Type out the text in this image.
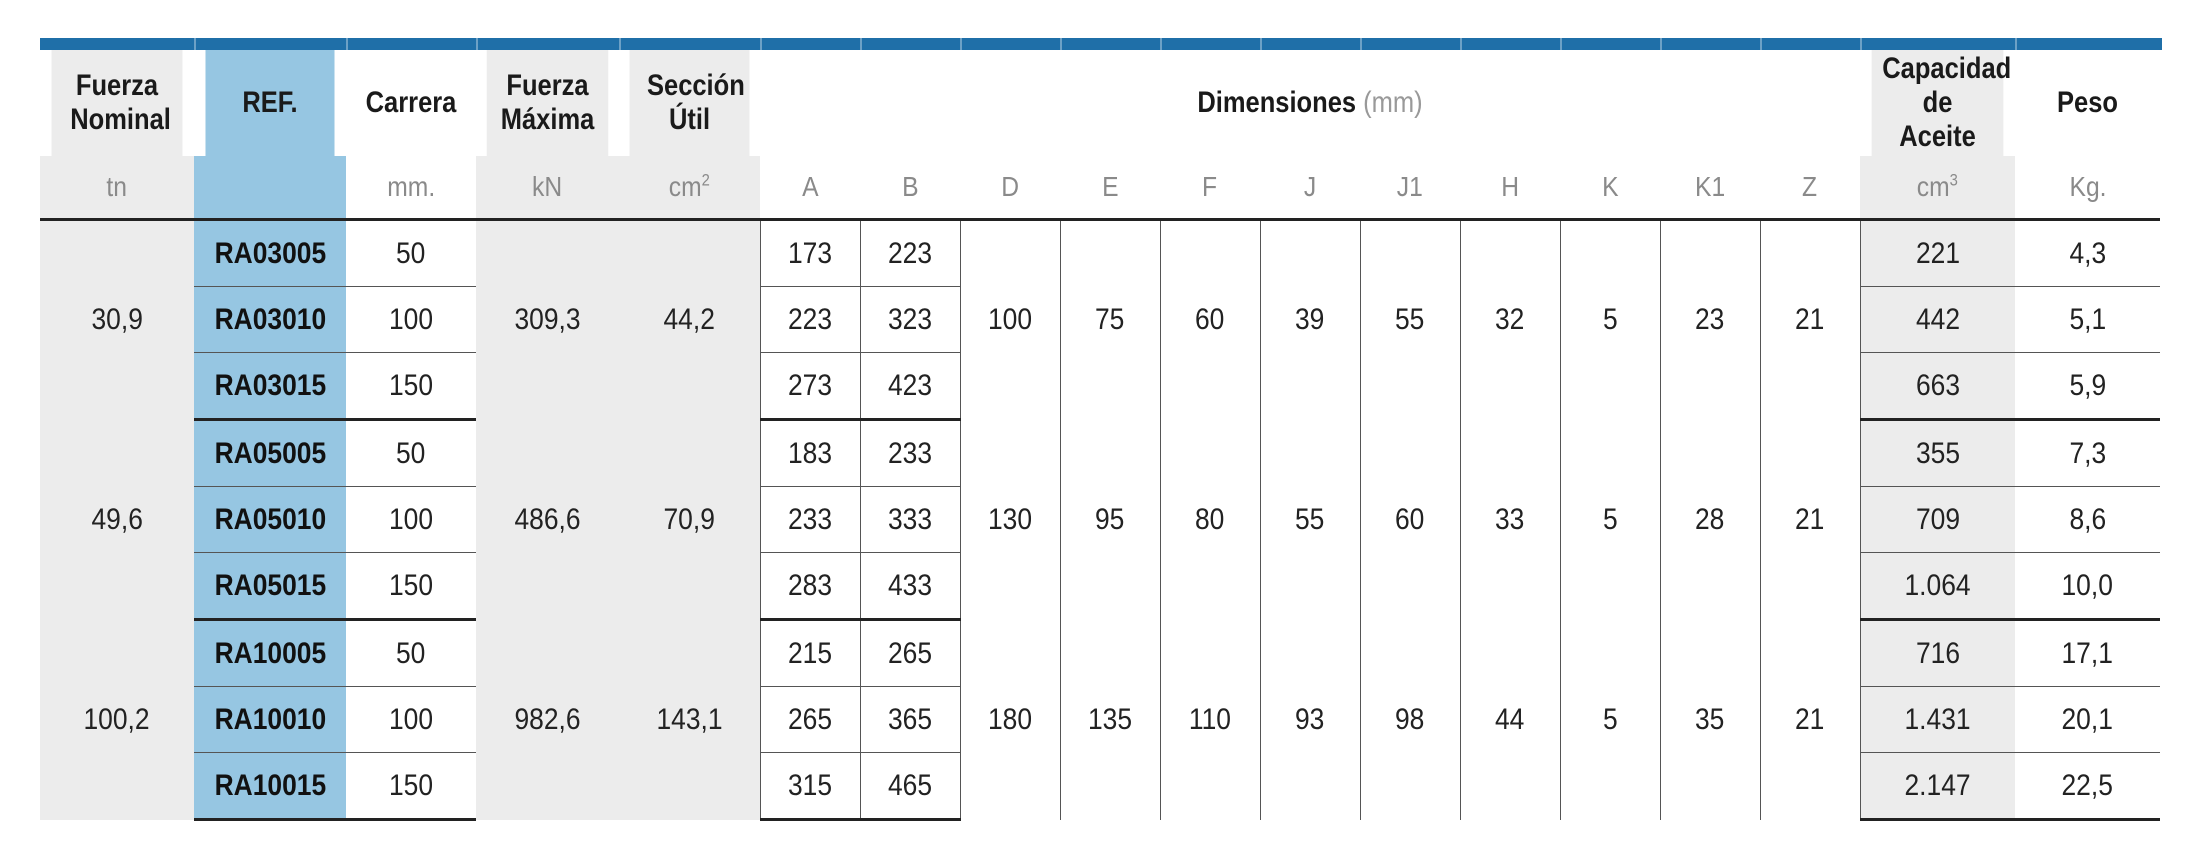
Fuerza Nominal	REF.	Carrera	Fuerza Máxima	Sección Útil	Dimensiones (mm)											Capacidad de Aceite	Peso
tn		mm.	kN	$cm^2$	A	B	D	E	F	J	J1	H	K	K1	Z	$cm^3$	Kg.
30,9	RA03005	50	309,3	44,2	173	223	100	75	60	39	55	32	5	23	21	221	4,3
	RA03010	100			223	323										442	5,1
	RA03015	150			273	423										663	5,9
49,6	RA05005	50	486,6	70,9	183	233	130	95	80	55	60	33	5	28	21	355	7,3
	RA05010	100			233	333										709	8,6
	RA05015	150			283	433										1.064	10,0
100,2	RA10005	50	982,6	143,1	215	265	180	135	110	93	98	44	5	35	21	716	17,1
	RA10010	100			265	365										1.431	20,1
	RA10015	150			315	465										2.147	22,5
